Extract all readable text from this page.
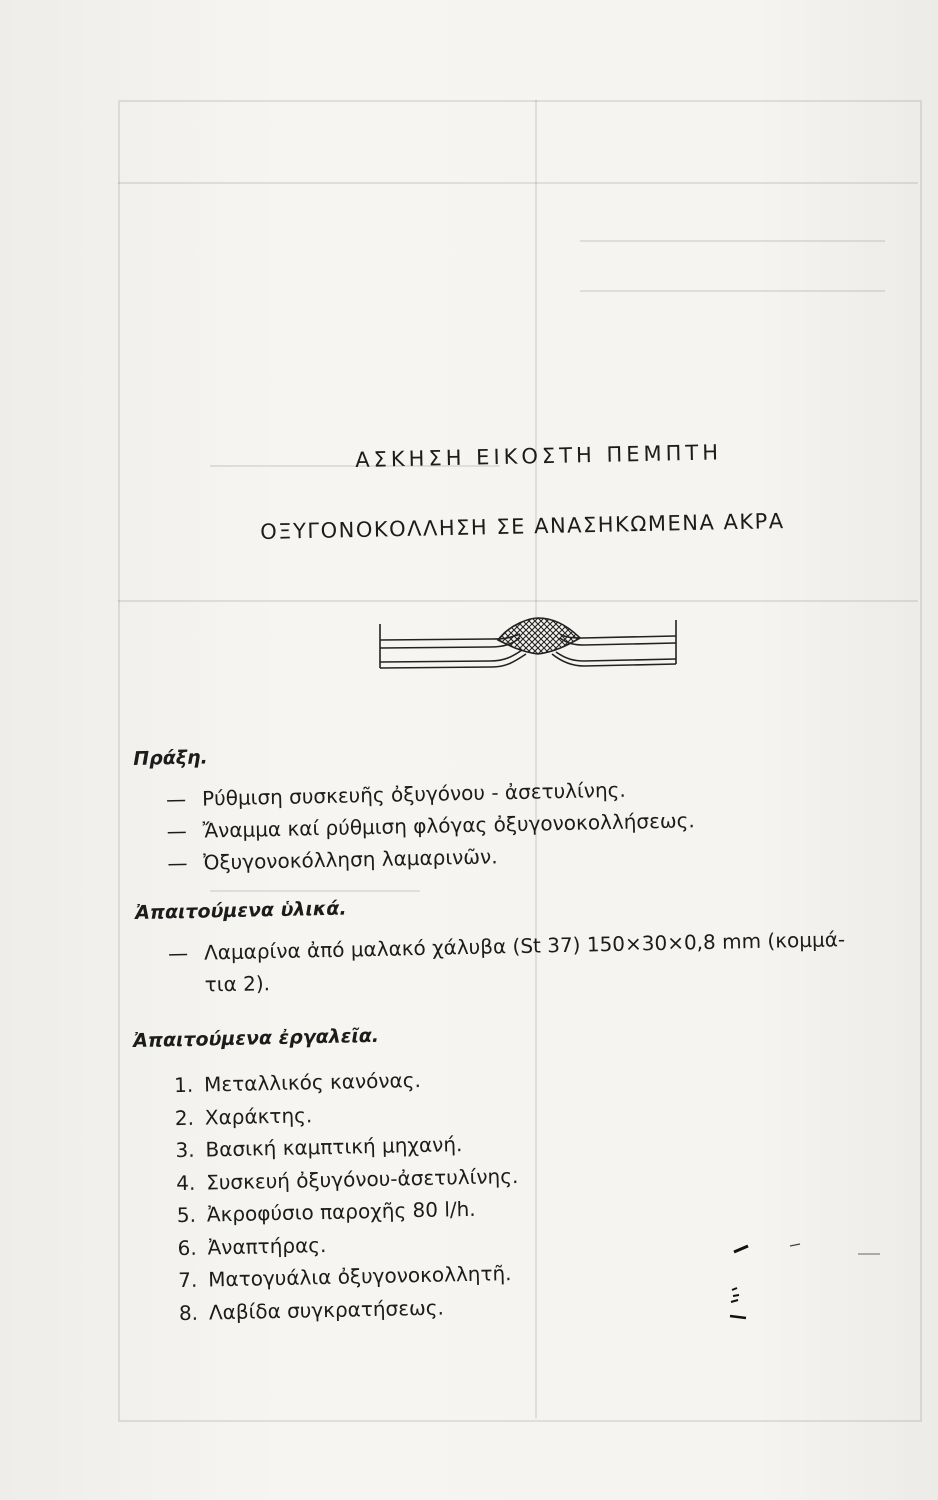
ΑΣΚΗΣΗ ΕΙΚΟΣΤΗ ΠΕΜΠΤΗ
ΟΞΥΓΟΝΟΚΟΛΛΗΣΗ ΣΕ ΑΝΑΣΗΚΩΜΕΝΑ ΑΚΡΑ
Πράξη.
— Ρύθμιση συσκευῆς ὀξυγόνου - ἀσετυλίνης.
— Ἄναμμα καί ρύθμιση φλόγας ὀξυγονοκολλήσεως.
— Ὀξυγονοκόλληση λαμαρινῶν.
Ἀπαιτούμενα ὑλικά.
— Λαμαρίνα ἀπό μαλακό χάλυβα (St 37) 150×30×0,8 mm (κομμά-
τια 2).
Ἀπαιτούμενα ἐργαλεῖα.
1. Μεταλλικός κανόνας.
2. Χαράκτης.
3. Βασική καμπτική μηχανή.
4. Συσκευή ὀξυγόνου-ἀσετυλίνης.
5. Ἀκροφύσιο παροχῆς 80 l/h.
6. Ἀναπτήρας.
7. Ματογυάλια ὀξυγονοκολλητῆ.
8. Λαβίδα συγκρατήσεως.
